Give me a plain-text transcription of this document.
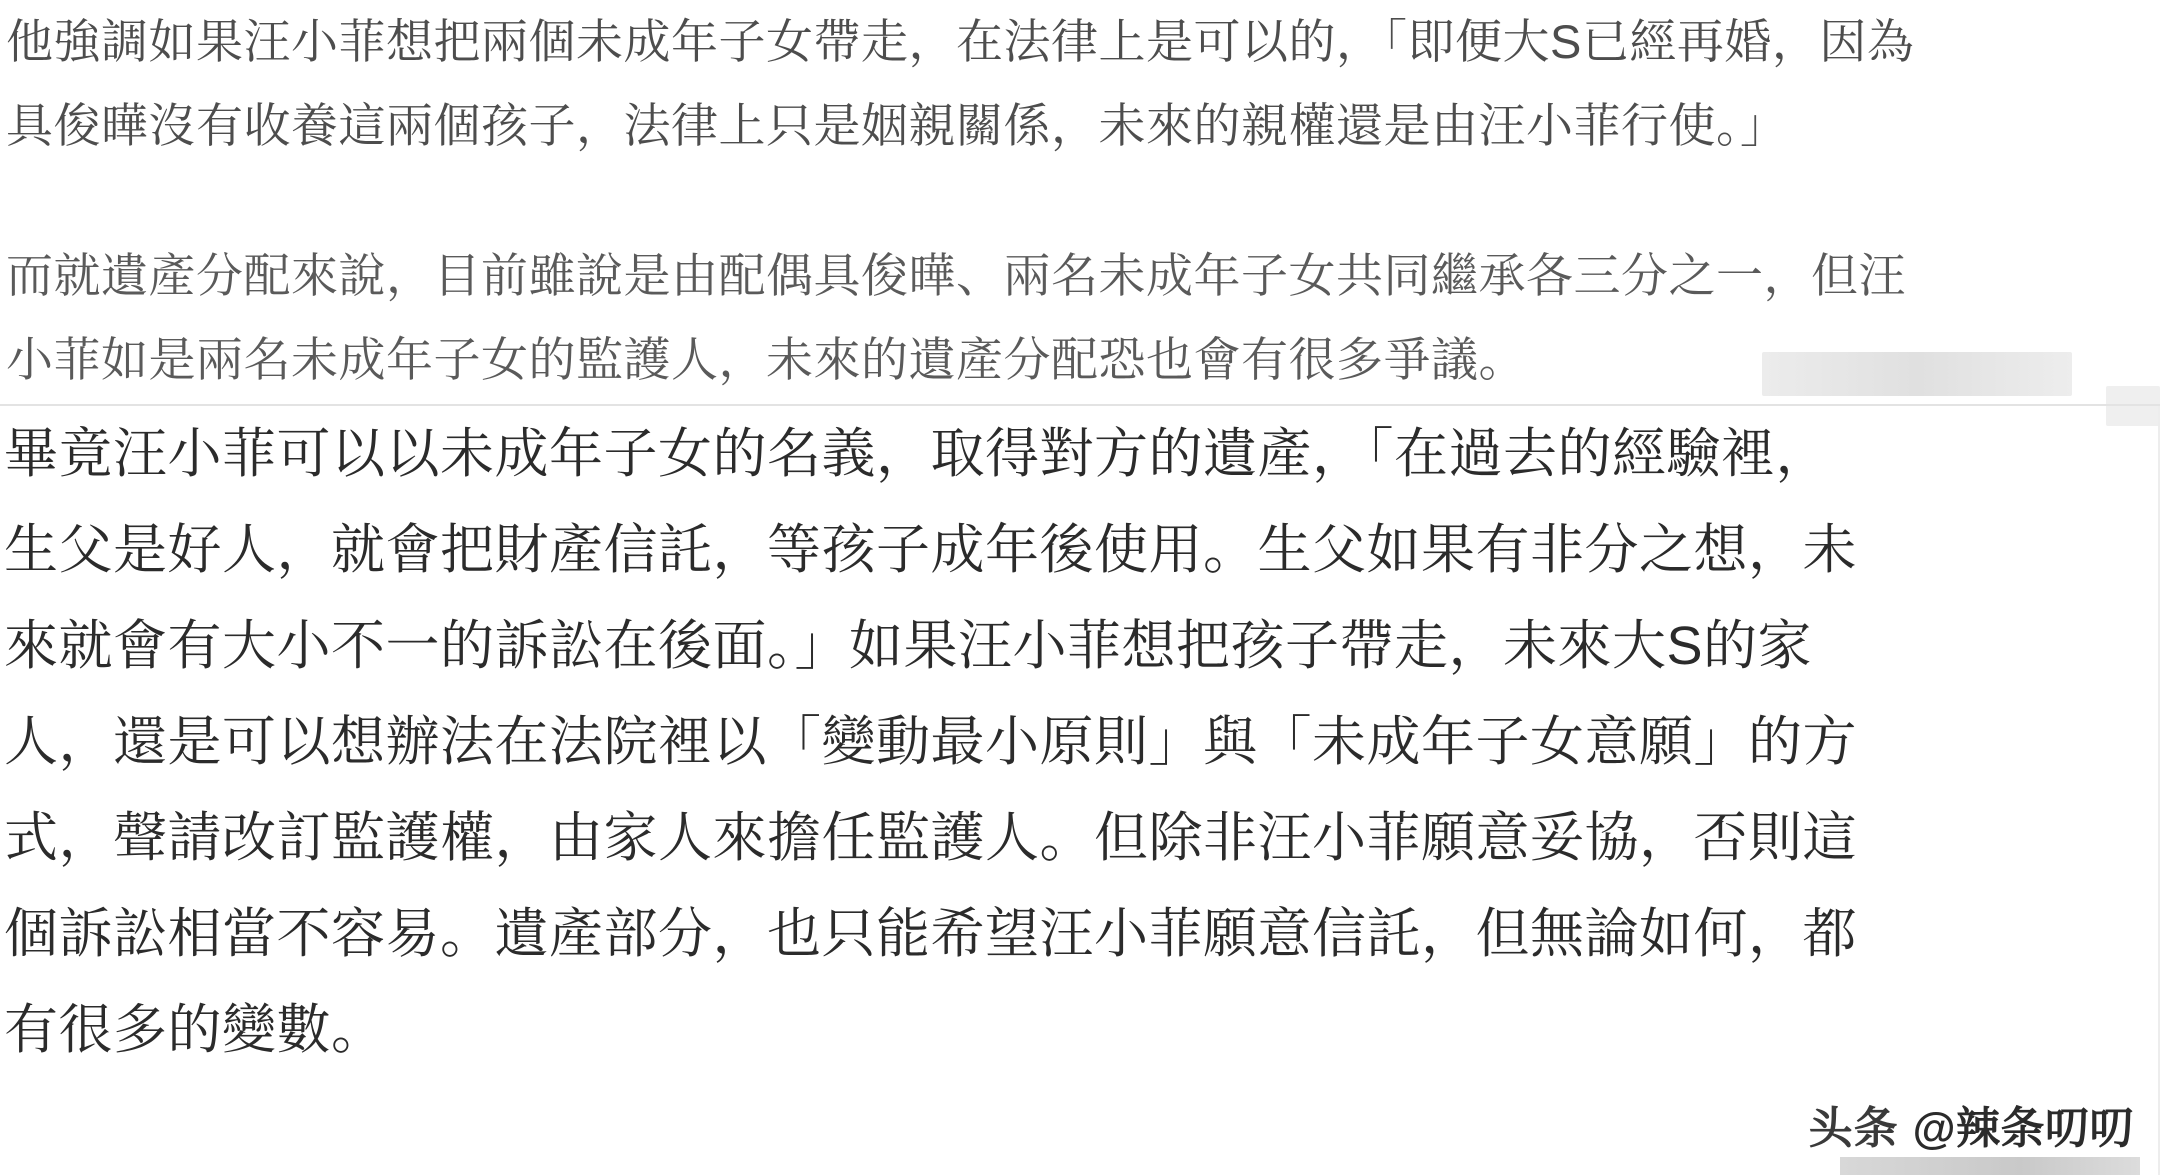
他強調如果汪小菲想把兩個未成年子女帶走，在法律上是可以的，「即便大S已經再婚，因為
具俊曄沒有收養這兩個孩子，法律上只是姻親關係，未來的親權還是由汪小菲行使。」
而就遺產分配來說，目前雖說是由配偶具俊曄、兩名未成年子女共同繼承各三分之一，但汪
小菲如是兩名未成年子女的監護人，未來的遺產分配恐也會有很多爭議。
畢竟汪小菲可以以未成年子女的名義，取得對方的遺產，「在過去的經驗裡，
生父是好人，就會把財產信託，等孩子成年後使用。生父如果有非分之想，未
來就會有大小不一的訴訟在後面。」如果汪小菲想把孩子帶走，未來大S的家
人，還是可以想辦法在法院裡以「變動最小原則」與「未成年子女意願」的方
式，聲請改訂監護權，由家人來擔任監護人。但除非汪小菲願意妥協，否則這
個訴訟相當不容易。遺產部分，也只能希望汪小菲願意信託，但無論如何，都
有很多的變數。
头条 @辣条叨叨
